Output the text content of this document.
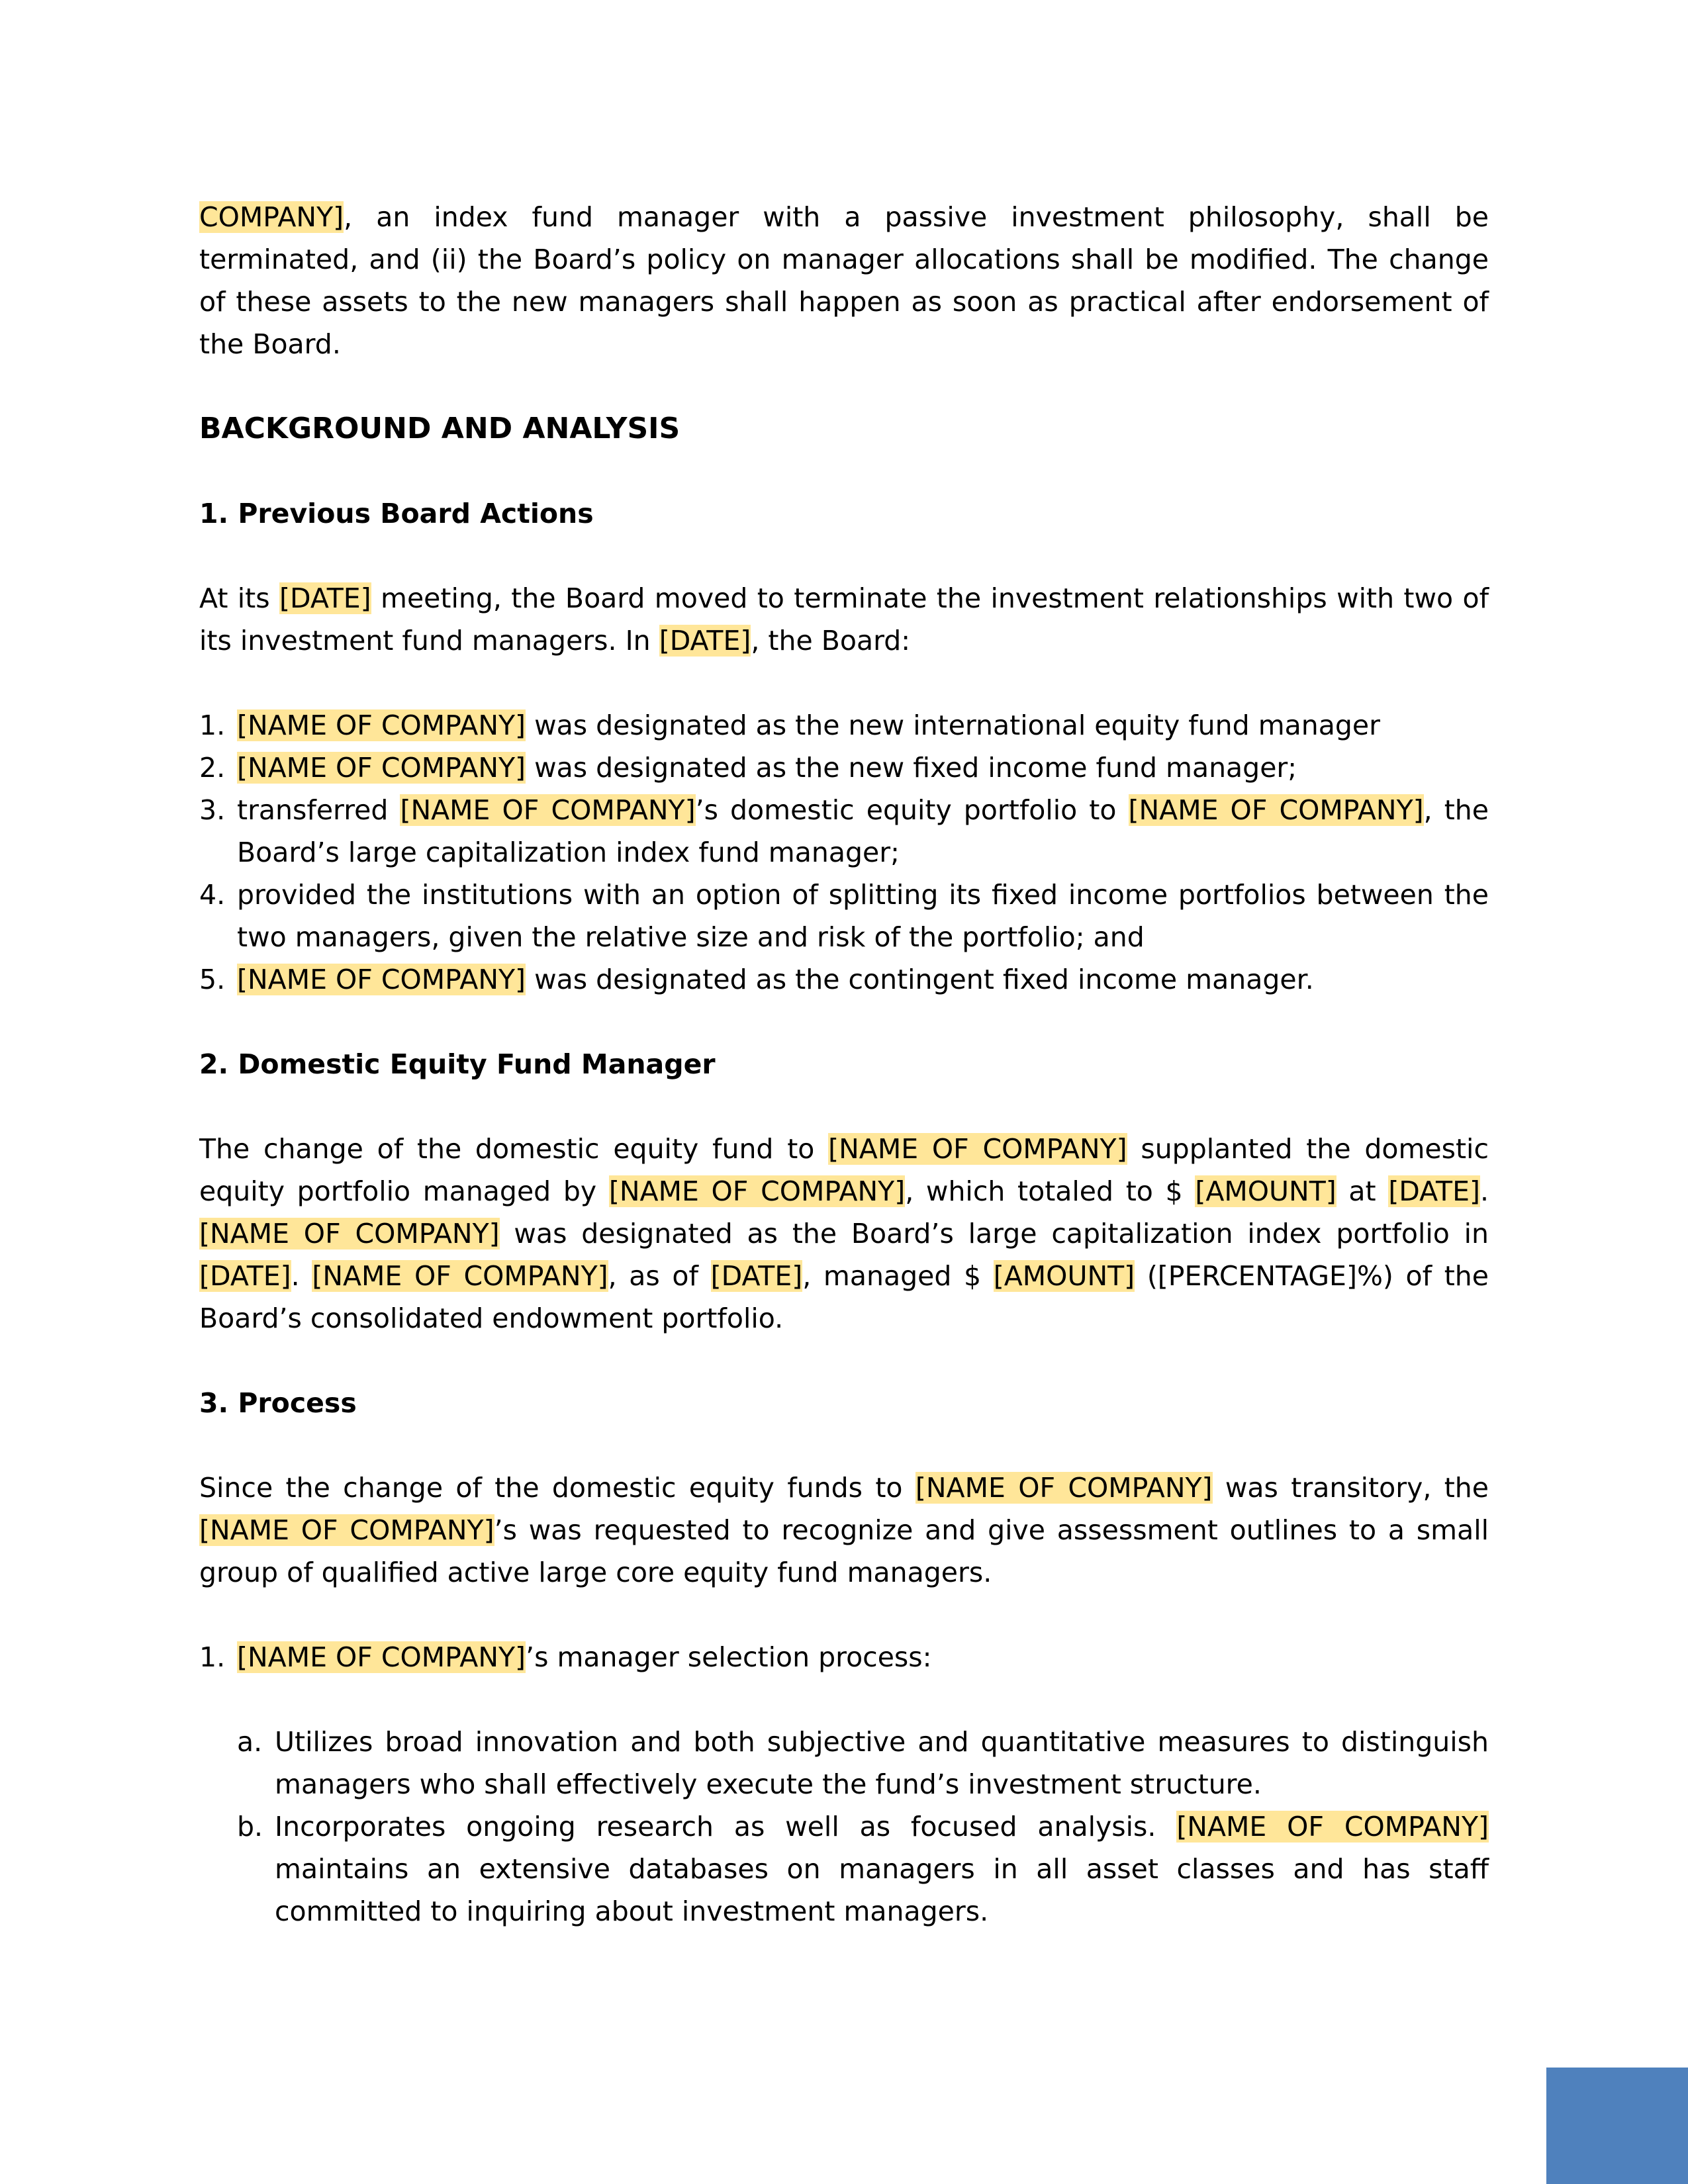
COMPANY], an index fund manager with a passive investment philosophy, shall be terminated, and (ii) the Board’s policy on manager allocations shall be modified. The change of these assets to the new managers shall happen as soon as practical after endorsement of the Board.

BACKGROUND AND ANALYSIS

1. Previous Board Actions

At its [DATE] meeting, the Board moved to terminate the investment relationships with two of its investment fund managers. In [DATE], the Board:

1. [NAME OF COMPANY] was designated as the new international equity fund manager
2. [NAME OF COMPANY] was designated as the new fixed income fund manager;
3. transferred [NAME OF COMPANY]’s domestic equity portfolio to [NAME OF COMPANY], the Board’s large capitalization index fund manager;
4. provided the institutions with an option of splitting its fixed income portfolios between the two managers, given the relative size and risk of the portfolio; and
5. [NAME OF COMPANY] was designated as the contingent fixed income manager.

2. Domestic Equity Fund Manager

The change of the domestic equity fund to [NAME OF COMPANY] supplanted the domestic equity portfolio managed by [NAME OF COMPANY], which totaled to $ [AMOUNT] at [DATE]. [NAME OF COMPANY] was designated as the Board’s large capitalization index portfolio in [DATE]. [NAME OF COMPANY], as of [DATE], managed $ [AMOUNT] ([PERCENTAGE]%) of the Board’s consolidated endowment portfolio.

3. Process

Since the change of the domestic equity funds to [NAME OF COMPANY] was transitory, the [NAME OF COMPANY]’s was requested to recognize and give assessment outlines to a small group of qualified active large core equity fund managers.

1. [NAME OF COMPANY]’s manager selection process:
a. Utilizes broad innovation and both subjective and quantitative measures to distinguish managers who shall effectively execute the fund’s investment structure.
b. Incorporates ongoing research as well as focused analysis. [NAME OF COMPANY] maintains an extensive databases on managers in all asset classes and has staff committed to inquiring about investment managers.
